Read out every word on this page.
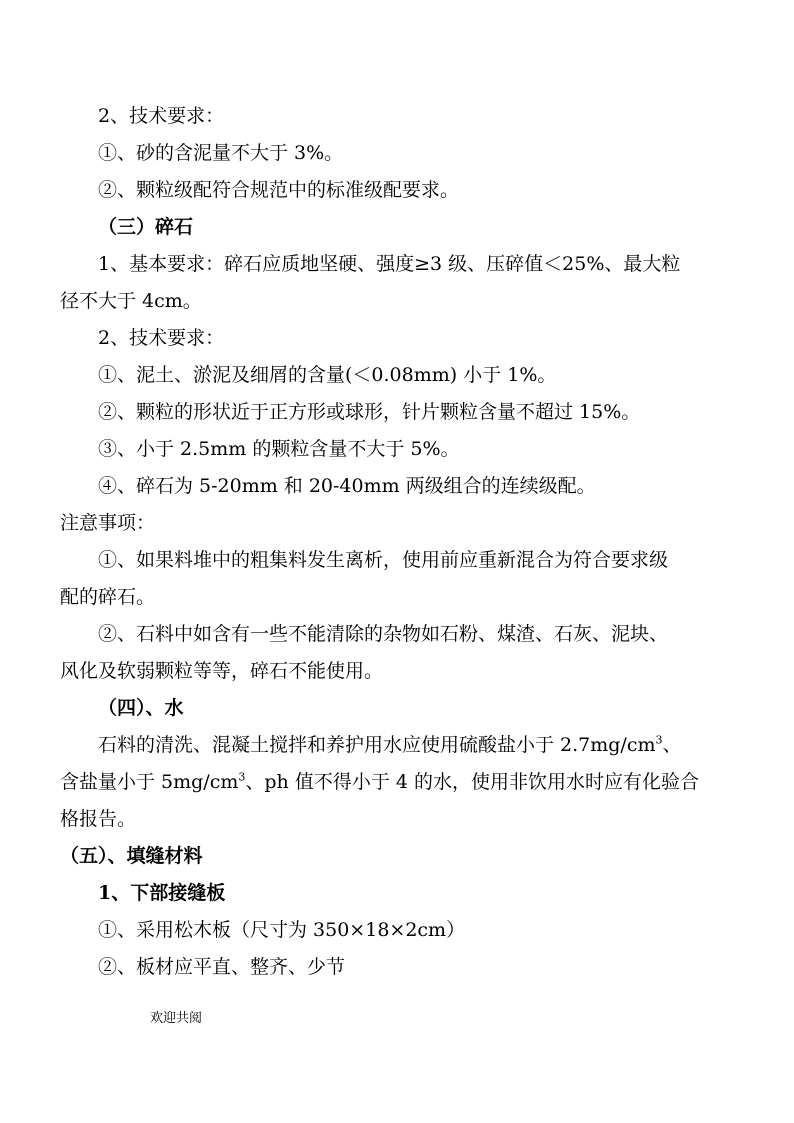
2、技术要求：
①、砂的含泥量不大于 3%。
②、颗粒级配符合规范中的标准级配要求。
（三）碎石
1、基本要求：碎石应质地坚硬、强度≥3 级、压碎值＜25%、最大粒
径不大于 4cm。
2、技术要求：
①、泥土、淤泥及细屑的含量(＜0.08mm) 小于 1%。
②、颗粒的形状近于正方形或球形，针片颗粒含量不超过 15%。
③、小于 2.5mm 的颗粒含量不大于 5%。
④、碎石为 5-20mm 和 20-40mm 两级组合的连续级配。
注意事项：
①、如果料堆中的粗集料发生离析，使用前应重新混合为符合要求级
配的碎石。
②、石料中如含有一些不能清除的杂物如石粉、煤渣、石灰、泥块、
风化及软弱颗粒等等，碎石不能使用。
（四）、水
石料的清洗、混凝土搅拌和养护用水应使用硫酸盐小于 $2.7mg/cm^3$、
含盐量小于 $5mg/cm^3$、ph 值不得小于 4 的水，使用非饮用水时应有化验合
格报告。
（五）、填缝材料
1、下部接缝板
①、采用松木板（尺寸为 350×18×2cm）
②、板材应平直、整齐、少节
欢迎共阅
